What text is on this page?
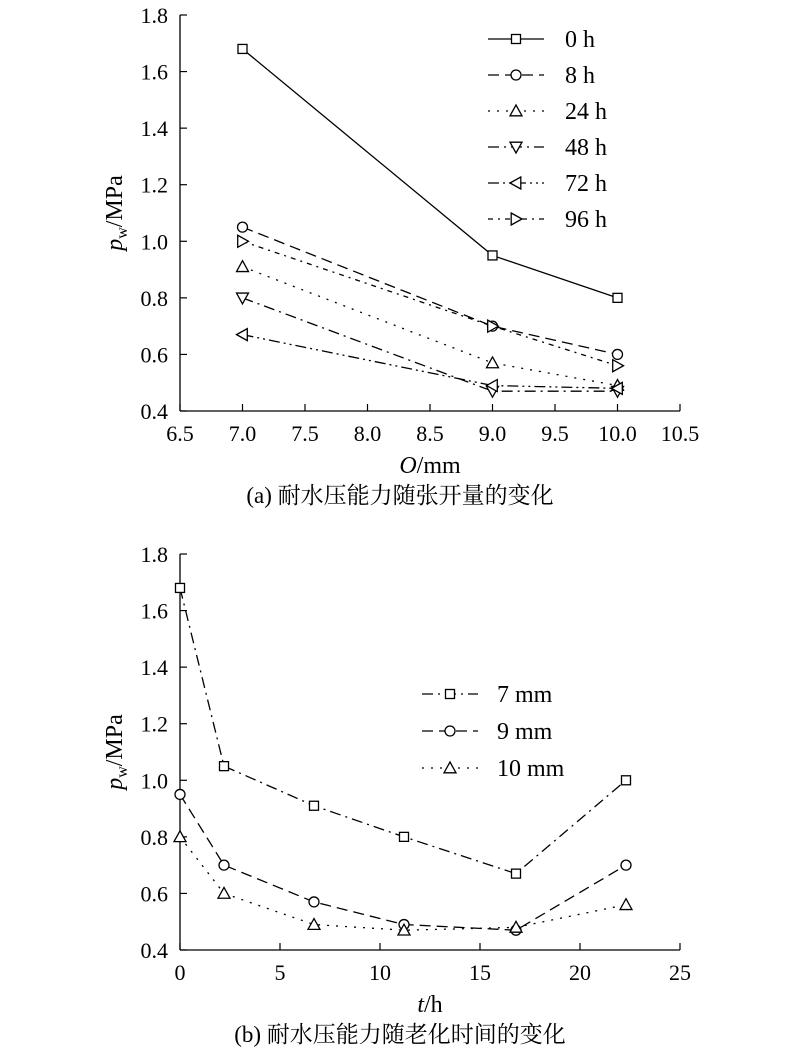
0.4
0.6
0.8
1.0
1.2
1.4
1.6
1.8
6.5 7.0 7.5 8.0 8.5 9.0 9.5 10.0 10.5
O/mm
$p_w$/MPa
(a) 耐水压能力随张开量的变化
0 h
8 h
24 h
48 h
72 h
96 h
0.4
0.6
0.8
1.0
1.2
1.4
1.6
1.8
0	5	10	15	20	25
t/h
$p_w$/MPa
(b) 耐水压能力随老化时间的变化
7 mm
9 mm
10 mm
